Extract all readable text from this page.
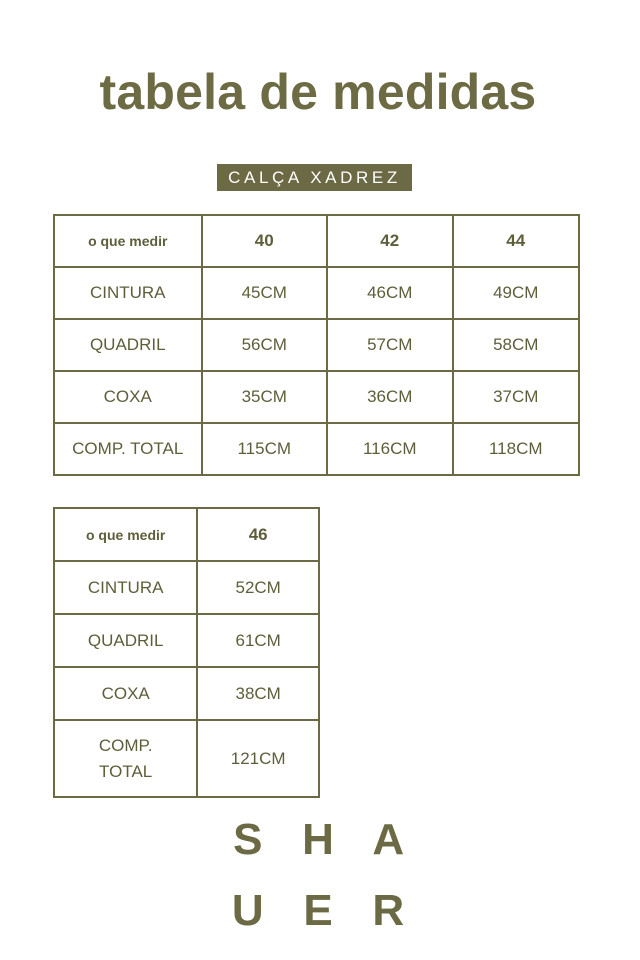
tabela de medidas
CALÇA XADREZ
o que medir	40	42	44
CINTURA	45CM	46CM	49CM
QUADRIL	56CM	57CM	58CM
COXA	35CM	36CM	37CM
COMP. TOTAL	115CM	116CM	118CM
o que medir	46
CINTURA	52CM
QUADRIL	61CM
COXA	38CM
COMP. TOTAL	121CM
S H A
U E R
